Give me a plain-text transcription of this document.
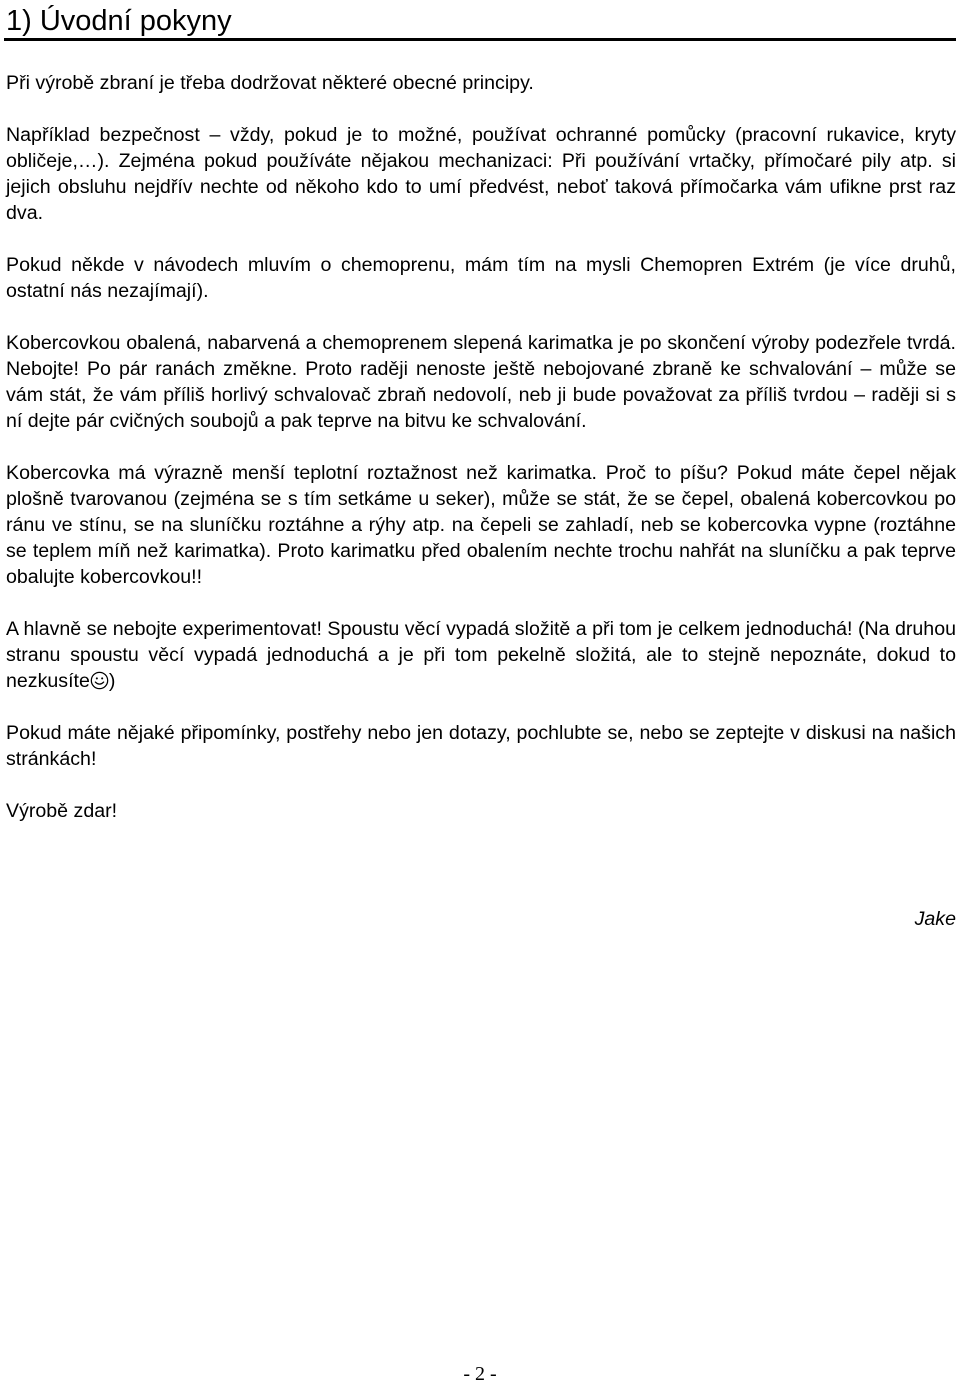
1) Úvodní pokyny

Při výrobě zbraní je třeba dodržovat některé obecné principy.

Například bezpečnost – vždy, pokud je to možné, používat ochranné pomůcky (pracovní rukavice, kryty obličeje,…). Zejména pokud používáte nějakou mechanizaci: Při používání vrtačky, přímočaré pily atp. si jejich obsluhu nejdřív nechte od někoho kdo to umí předvést, neboť taková přímočarka vám ufikne prst raz dva.

Pokud někde v návodech mluvím o chemoprenu, mám tím na mysli Chemopren Extrém (je více druhů, ostatní nás nezajímají).

Kobercovkou obalená, nabarvená a chemoprenem slepená karimatka je po skončení výroby podezřele tvrdá. Nebojte! Po pár ranách změkne. Proto raději nenoste ještě nebojované zbraně ke schvalování – může se vám stát, že vám příliš horlivý schvalovač zbraň nedovolí, neb ji bude považovat za příliš tvrdou – raději si s ní dejte pár cvičných soubojů a pak teprve na bitvu ke schvalování.

Kobercovka má výrazně menší teplotní roztažnost než karimatka. Proč to píšu? Pokud máte čepel nějak plošně tvarovanou (zejména se s tím setkáme u seker), může se stát, že se čepel, obalená kobercovkou po ránu ve stínu, se na sluníčku roztáhne a rýhy atp. na čepeli se zahladí, neb se kobercovka vypne (roztáhne se teplem míň než karimatka). Proto karimatku před obalením nechte trochu nahřát na sluníčku a pak teprve obalujte kobercovkou!!

A hlavně se nebojte experimentovat! Spoustu věcí vypadá složitě a při tom je celkem jednoduchá! (Na druhou stranu spoustu věcí vypadá jednoduchá a je při tom pekelně složitá, ale to stejně nepoznáte, dokud to nezkusíte )

Pokud máte nějaké připomínky, postřehy nebo jen dotazy, pochlubte se, nebo se zeptejte v diskusi na našich stránkách!

Výrobě zdar!

Jake
- 2 -
